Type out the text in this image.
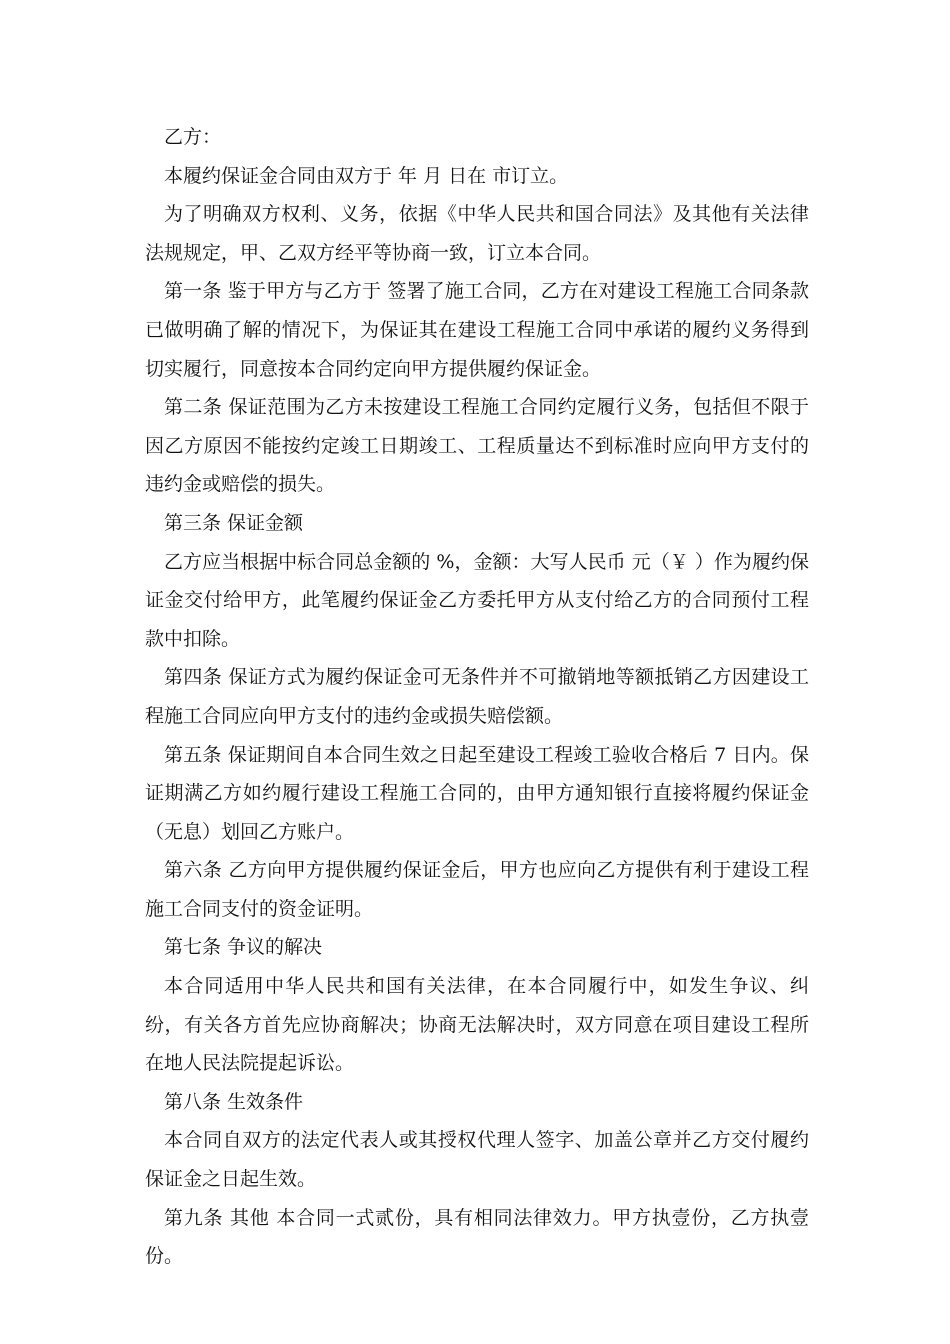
乙方：

本履约保证金合同由双方于 年 月 日在 市订立。

为了明确双方权利、义务，依据《中华人民共和国合同法》及其他有关法律法规规定，甲、乙双方经平等协商一致，订立本合同。

第一条 鉴于甲方与乙方于 签署了施工合同，乙方在对建设工程施工合同条款已做明确了解的情况下，为保证其在建设工程施工合同中承诺的履约义务得到切实履行，同意按本合同约定向甲方提供履约保证金。

第二条 保证范围为乙方未按建设工程施工合同约定履行义务，包括但不限于因乙方原因不能按约定竣工日期竣工、工程质量达不到标准时应向甲方支付的违约金或赔偿的损失。

第三条 保证金额

乙方应当根据中标合同总金额的 %，金额：大写人民币 元（￥ ）作为履约保证金交付给甲方，此笔履约保证金乙方委托甲方从支付给乙方的合同预付工程款中扣除。

第四条 保证方式为履约保证金可无条件并不可撤销地等额抵销乙方因建设工程施工合同应向甲方支付的违约金或损失赔偿额。

第五条 保证期间自本合同生效之日起至建设工程竣工验收合格后 7 日内。保证期满乙方如约履行建设工程施工合同的，由甲方通知银行直接将履约保证金（无息）划回乙方账户。

第六条 乙方向甲方提供履约保证金后，甲方也应向乙方提供有利于建设工程施工合同支付的资金证明。

第七条 争议的解决

本合同适用中华人民共和国有关法律，在本合同履行中，如发生争议、纠纷，有关各方首先应协商解决；协商无法解决时，双方同意在项目建设工程所在地人民法院提起诉讼。

第八条 生效条件

本合同自双方的法定代表人或其授权代理人签字、加盖公章并乙方交付履约保证金之日起生效。

第九条 其他 本合同一式贰份，具有相同法律效力。甲方执壹份，乙方执壹份。
